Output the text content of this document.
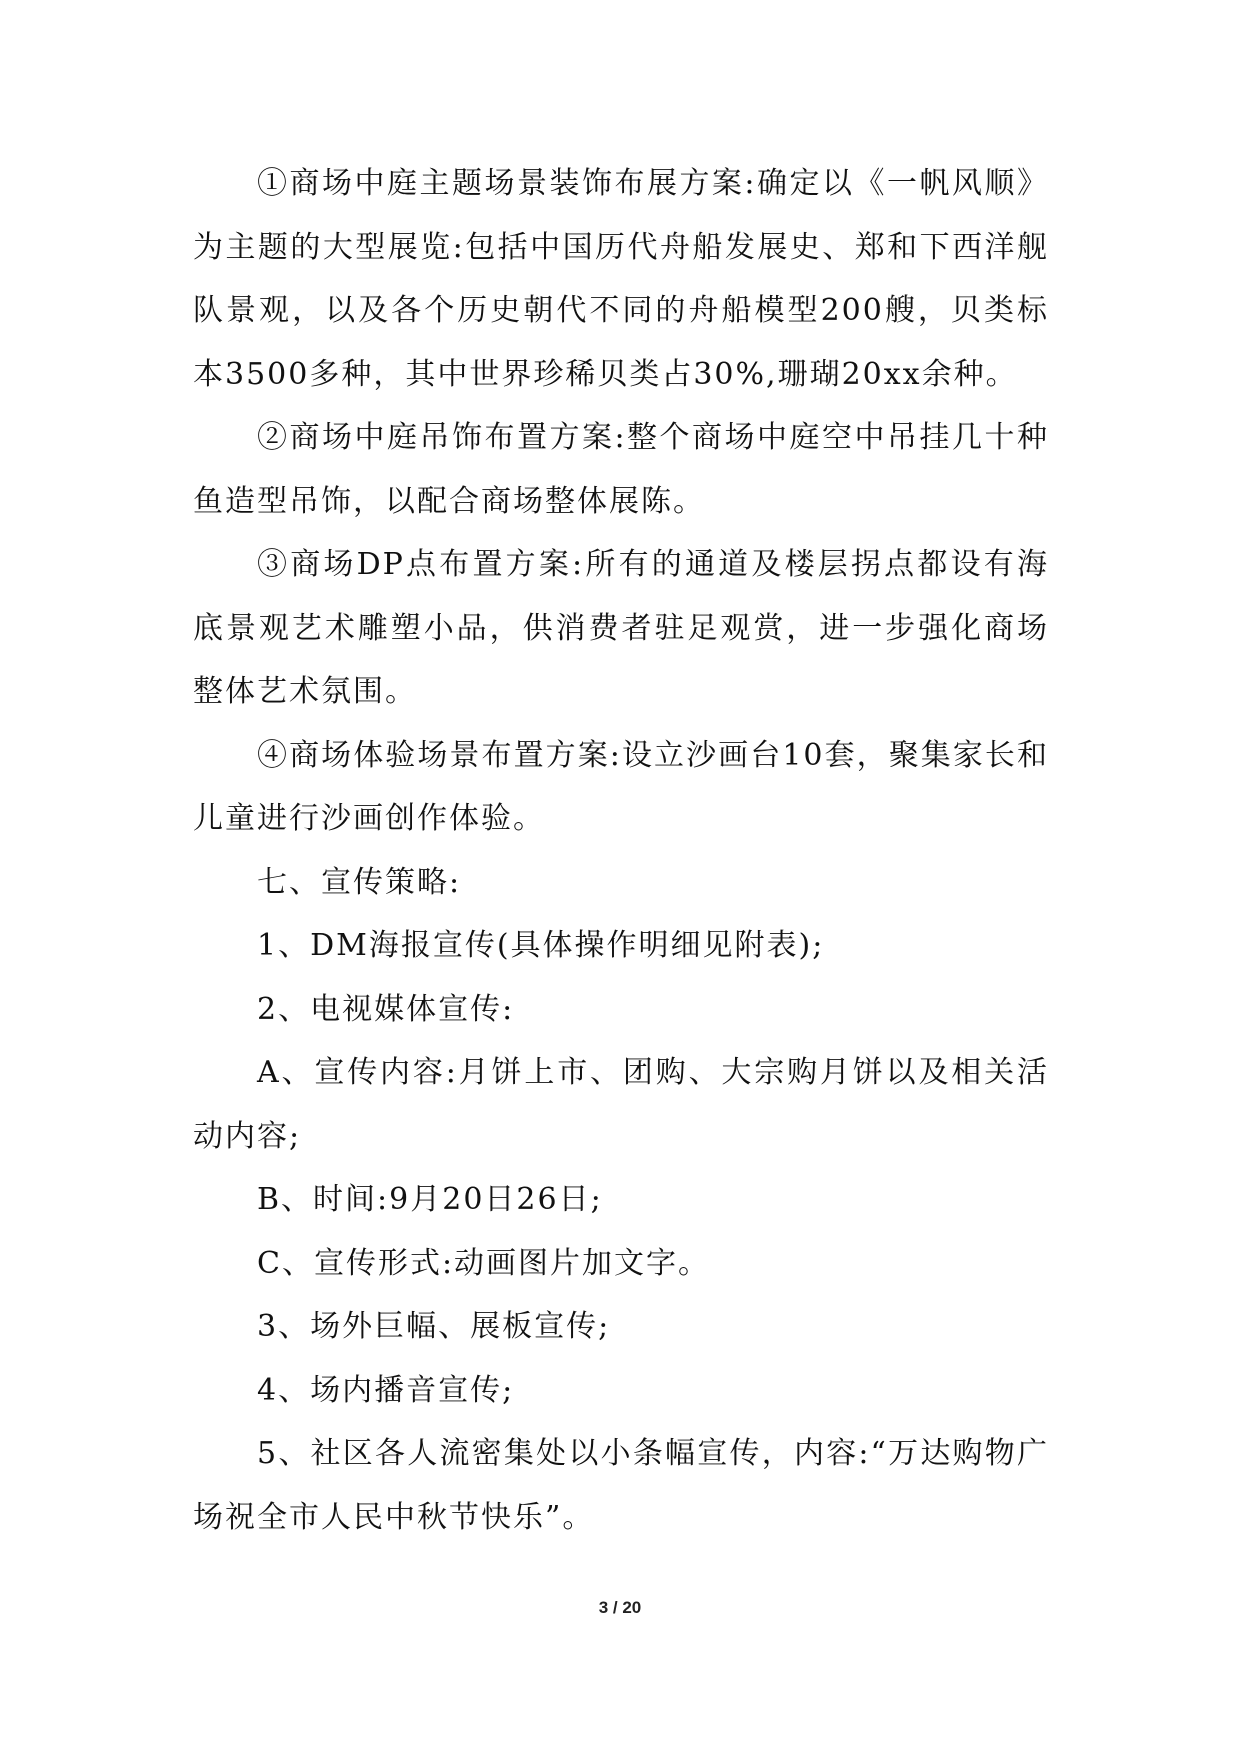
①商场中庭主题场景装饰布展方案:确定以《一帆风顺》为主题的大型展览:包括中国历代舟船发展史、郑和下西洋舰队景观，以及各个历史朝代不同的舟船模型200艘，贝类标本3500多种，其中世界珍稀贝类占30%,珊瑚20xx余种。

②商场中庭吊饰布置方案:整个商场中庭空中吊挂几十种鱼造型吊饰，以配合商场整体展陈。

③商场DP点布置方案:所有的通道及楼层拐点都设有海底景观艺术雕塑小品，供消费者驻足观赏，进一步强化商场整体艺术氛围。

④商场体验场景布置方案:设立沙画台10套，聚集家长和儿童进行沙画创作体验。

七、宣传策略:

1、DM海报宣传(具体操作明细见附表);

2、电视媒体宣传:

A、宣传内容:月饼上市、团购、大宗购月饼以及相关活动内容;

B、时间:9月20日26日;

C、宣传形式:动画图片加文字。

3、场外巨幅、展板宣传;

4、场内播音宣传;

5、社区各人流密集处以小条幅宣传，内容:“万达购物广场祝全市人民中秋节快乐”。

3 / 20
